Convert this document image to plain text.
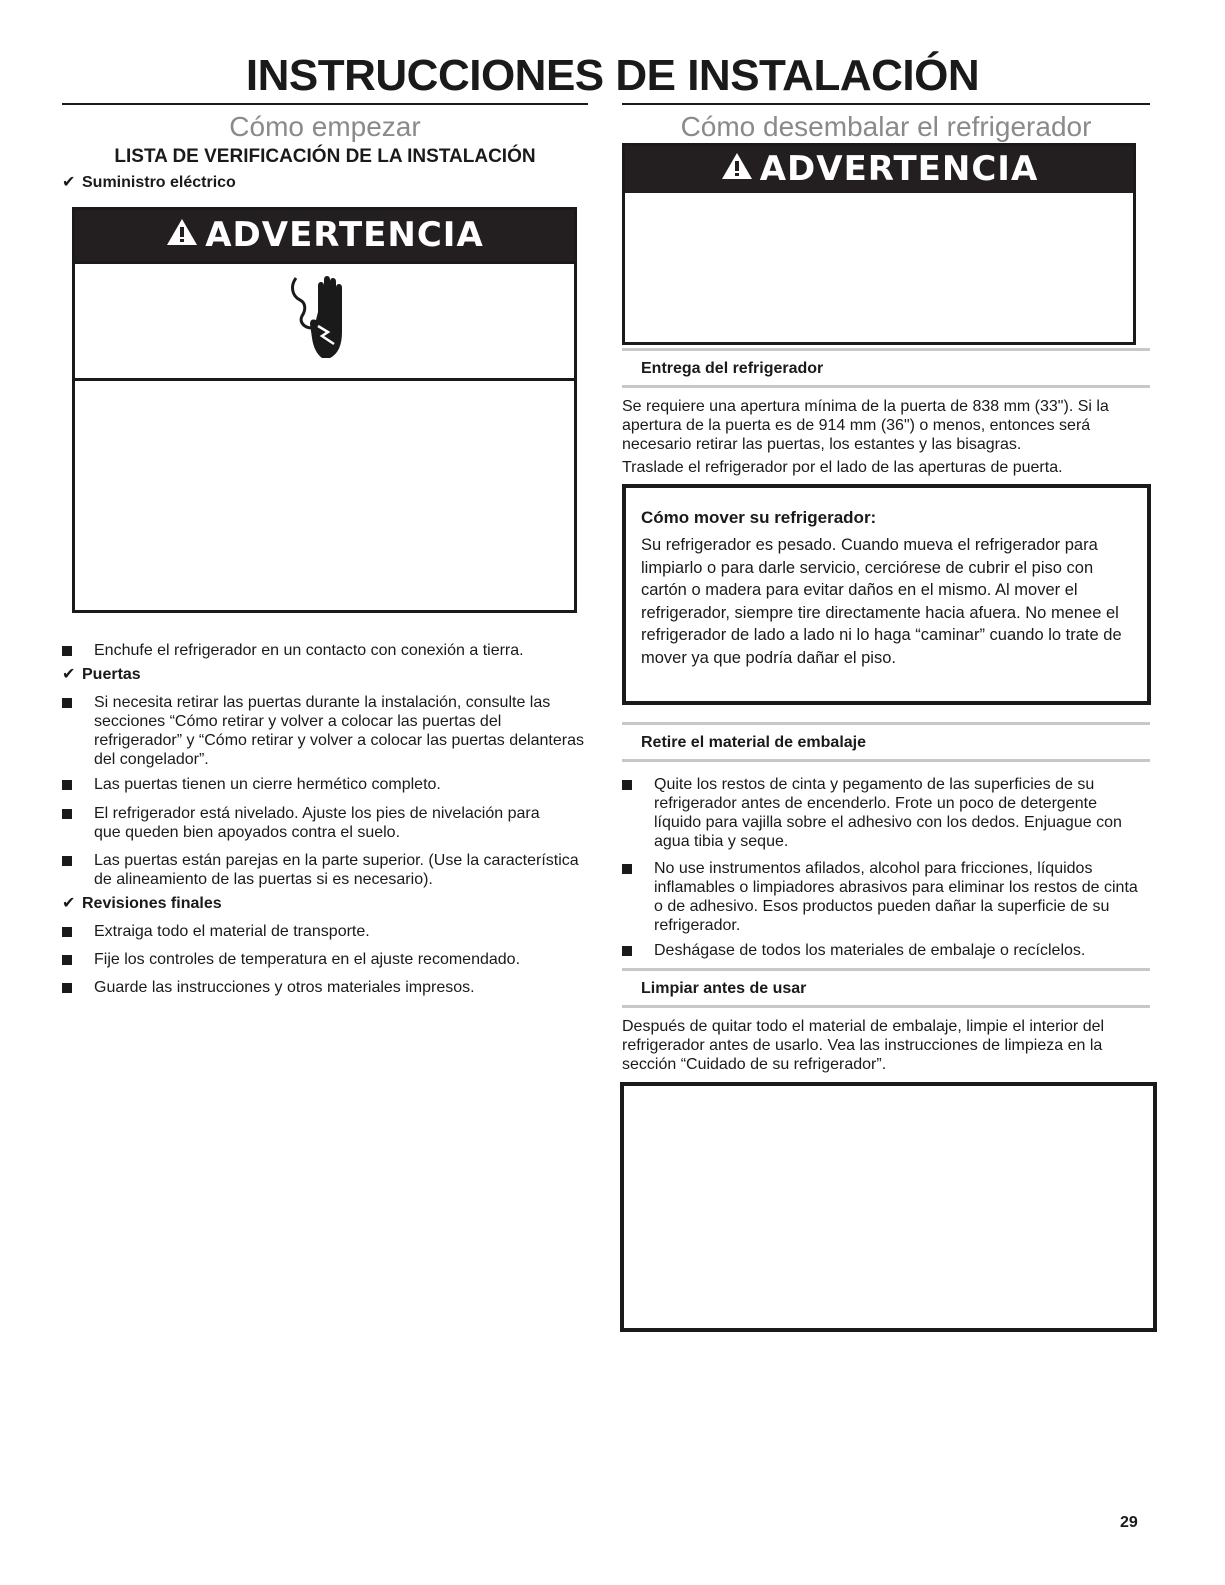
INSTRUCCIONES DE INSTALACIÓN
Cómo empezar
LISTA DE VERIFICACIÓN DE LA INSTALACIÓN
✔ Suministro eléctrico
ADVERTENCIA
Enchufe el refrigerador en un contacto con conexión a tierra.
✔ Puertas
Si necesita retirar las puertas durante la instalación, consulte las secciones “Cómo retirar y volver a colocar las puertas del refrigerador” y “Cómo retirar y volver a colocar las puertas delanteras del congelador”.
Las puertas tienen un cierre hermético completo.
El refrigerador está nivelado. Ajuste los pies de nivelación para que queden bien apoyados contra el suelo.
Las puertas están parejas en la parte superior. (Use la característica de alineamiento de las puertas si es necesario).
✔ Revisiones finales
Extraiga todo el material de transporte.
Fije los controles de temperatura en el ajuste recomendado.
Guarde las instrucciones y otros materiales impresos.
Cómo desembalar el refrigerador
ADVERTENCIA
Entrega del refrigerador
Se requiere una apertura mínima de la puerta de 838 mm (33"). Si la apertura de la puerta es de 914 mm (36") o menos, entonces será necesario retirar las puertas, los estantes y las bisagras.
Traslade el refrigerador por el lado de las aperturas de puerta.
Cómo mover su refrigerador:
Su refrigerador es pesado. Cuando mueva el refrigerador para limpiarlo o para darle servicio, cerciórese de cubrir el piso con cartón o madera para evitar daños en el mismo. Al mover el refrigerador, siempre tire directamente hacia afuera. No menee el refrigerador de lado a lado ni lo haga “caminar” cuando lo trate de mover ya que podría dañar el piso.
Retire el material de embalaje
Quite los restos de cinta y pegamento de las superficies de su refrigerador antes de encenderlo. Frote un poco de detergente líquido para vajilla sobre el adhesivo con los dedos. Enjuague con agua tibia y seque.
No use instrumentos afilados, alcohol para fricciones, líquidos inflamables o limpiadores abrasivos para eliminar los restos de cinta o de adhesivo. Esos productos pueden dañar la superficie de su refrigerador.
Deshágase de todos los materiales de embalaje o recíclelos.
Limpiar antes de usar
Después de quitar todo el material de embalaje, limpie el interior del refrigerador antes de usarlo. Vea las instrucciones de limpieza en la sección “Cuidado de su refrigerador”.
29
